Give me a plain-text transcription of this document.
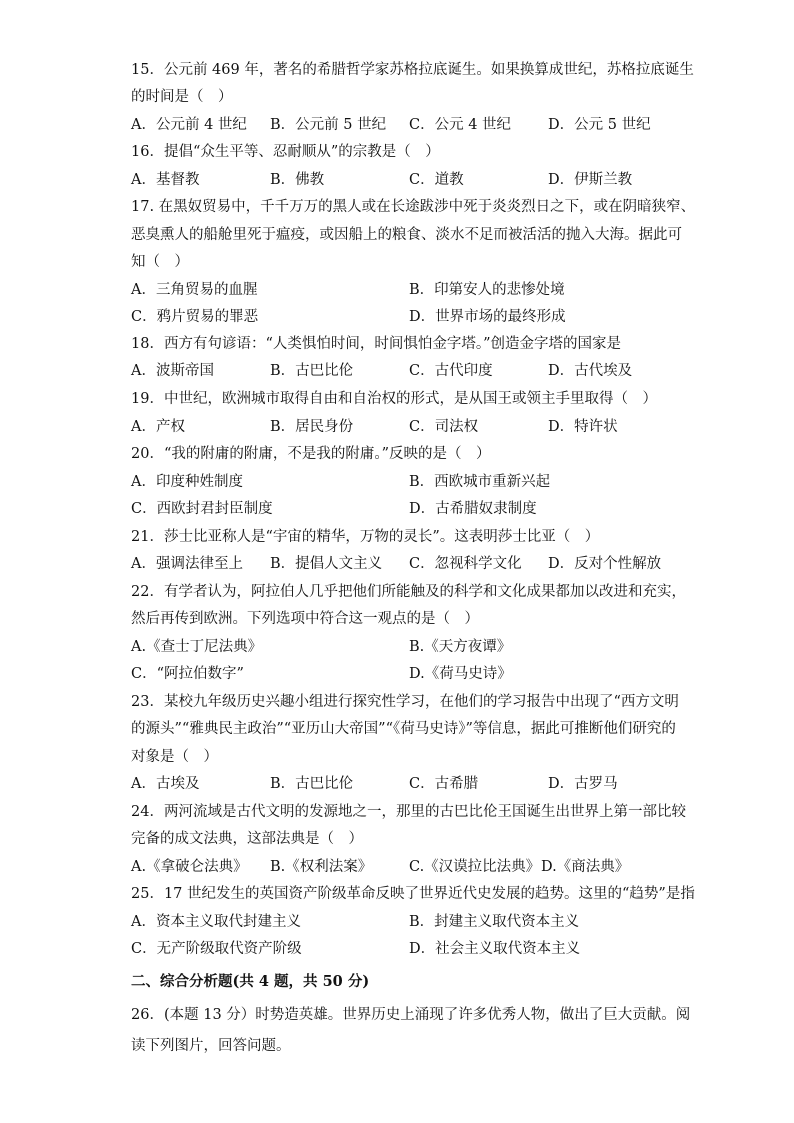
15．公元前 469 年，著名的希腊哲学家苏格拉底诞生。如果换算成世纪，苏格拉底诞生
的时间是（　）
A．公元前 4 世纪 B．公元前 5 世纪 C．公元 4 世纪	D．公元 5 世纪
16．提倡“众生平等、忍耐顺从”的宗教是（　）
A．基督教	B．佛教	C．道教	D．伊斯兰教
17. 在黑奴贸易中，千千万万的黑人或在长途跋涉中死于炎炎烈日之下，或在阴暗狭窄、
恶臭熏人的船舱里死于瘟疫，或因船上的粮食、淡水不足而被活活的抛入大海。据此可
知（　）
A．三角贸易的血腥	B．印第安人的悲惨处境
C．鸦片贸易的罪恶	D．世界市场的最终形成
18．西方有句谚语：“人类惧怕时间，时间惧怕金字塔。”创造金字塔的国家是
A．波斯帝国	B．古巴比伦	C．古代印度	D．古代埃及
19．中世纪，欧洲城市取得自由和自治权的形式，是从国王或领主手里取得（　）
A．产权	B．居民身份	C．司法权	D．特许状
20．“我的附庸的附庸，不是我的附庸。”反映的是（　）
A．印度种姓制度	B．西欧城市重新兴起
C．西欧封君封臣制度	D．古希腊奴隶制度
21．莎士比亚称人是“宇宙的精华，万物的灵长”。这表明莎士比亚（　）
A．强调法律至上 B．提倡人文主义 C．忽视科学文化 D．反对个性解放
22．有学者认为，阿拉伯人几乎把他们所能触及的科学和文化成果都加以改进和充实，
然后再传到欧洲。下列选项中符合这一观点的是（　）
A.《查士丁尼法典》	B.《天方夜谭》
C．“阿拉伯数字”	D.《荷马史诗》
23．某校九年级历史兴趣小组进行探究性学习，在他们的学习报告中出现了“西方文明
的源头”“雅典民主政治”“亚历山大帝国”“《荷马史诗》”等信息，据此可推断他们研究的
对象是（　）
A．古埃及	B．古巴比伦	C．古希腊	D．古罗马
24．两河流域是古代文明的发源地之一，那里的古巴比伦王国诞生出世界上第一部比较
完备的成文法典，这部法典是（　）
A.《拿破仑法典》 B.《权利法案》	C.《汉谟拉比法典》 D.《商法典》
25．17 世纪发生的英国资产阶级革命反映了世界近代史发展的趋势。这里的“趋势”是指
A．资本主义取代封建主义	B．封建主义取代资本主义
C．无产阶级取代资产阶级	D．社会主义取代资本主义
二、综合分析题(共 4 题，共 50 分)
26．(本题 13 分）时势造英雄。世界历史上涌现了许多优秀人物，做出了巨大贡献。阅
读下列图片，回答问题。
